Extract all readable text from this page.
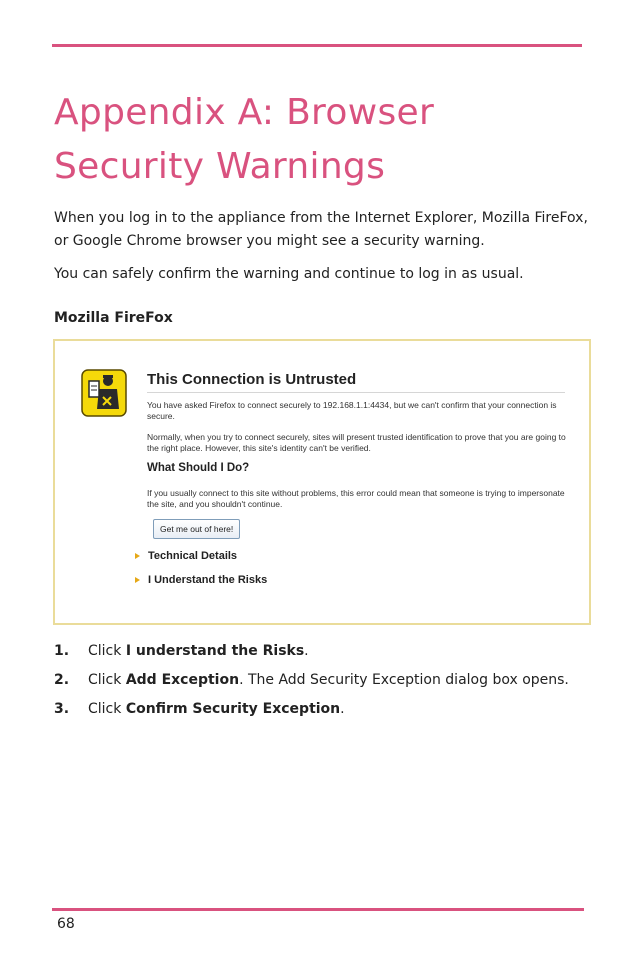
Appendix A: Browser
Security Warnings

When you log in to the appliance from the Internet Explorer, Mozilla FireFox, or Google Chrome browser you might see a security warning.

You can safely confirm the warning and continue to log in as usual.

Mozilla FireFox
This Connection is Untrusted
You have asked Firefox to connect securely to 192.168.1.1:4434, but we can't confirm that your connection is secure.
Normally, when you try to connect securely, sites will present trusted identification to prove that you are going to the right place. However, this site's identity can't be verified.
What Should I Do?
If you usually connect to this site without problems, this error could mean that someone is trying to impersonate the site, and you shouldn't continue.
Get me out of here!
Technical Details
I Understand the Risks
1. Click I understand the Risks.
2. Click Add Exception. The Add Security Exception dialog box opens.
3. Click Confirm Security Exception.
68
